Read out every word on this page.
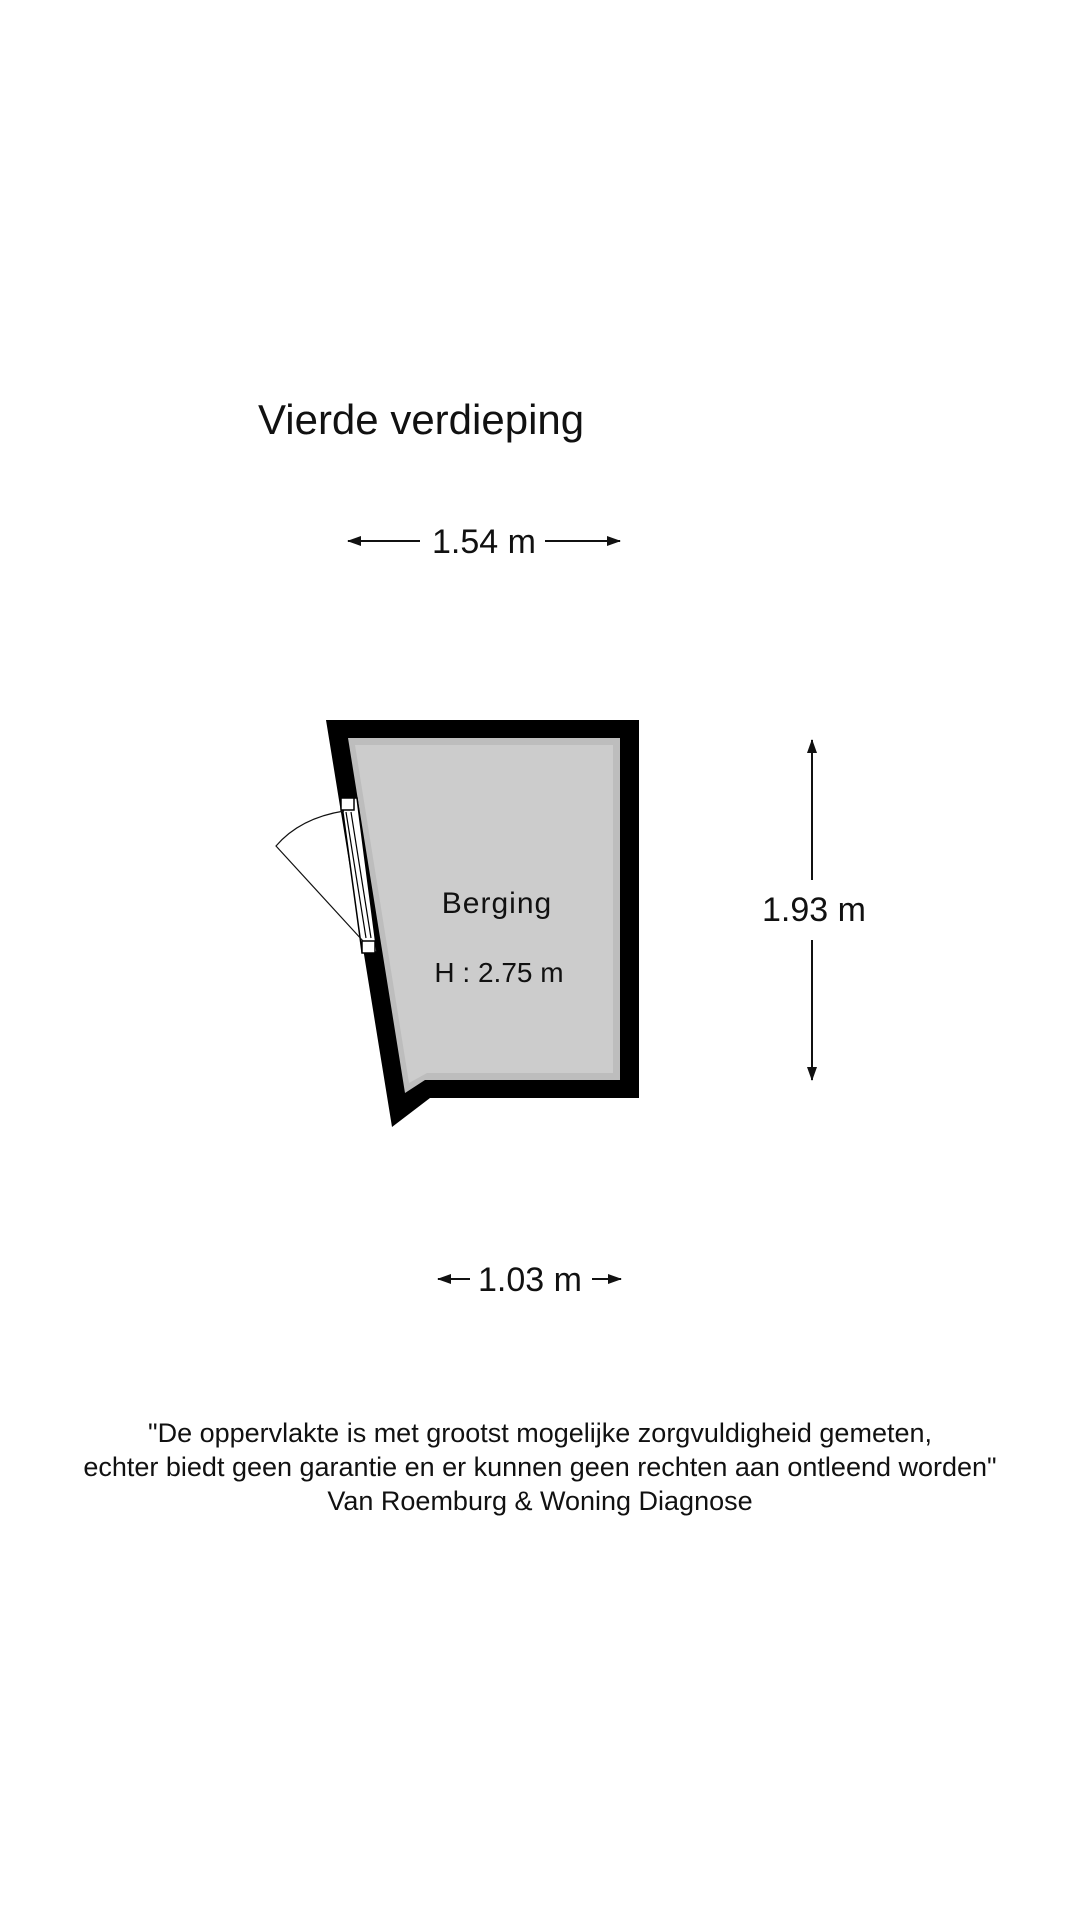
Vierde verdieping
1.54 m
1.93 m
1.03 m
Berging
H : 2.75 m
"De oppervlakte is met grootst mogelijke zorgvuldigheid gemeten,
echter biedt geen garantie en er kunnen geen rechten aan ontleend worden"
Van Roemburg & Woning Diagnose
